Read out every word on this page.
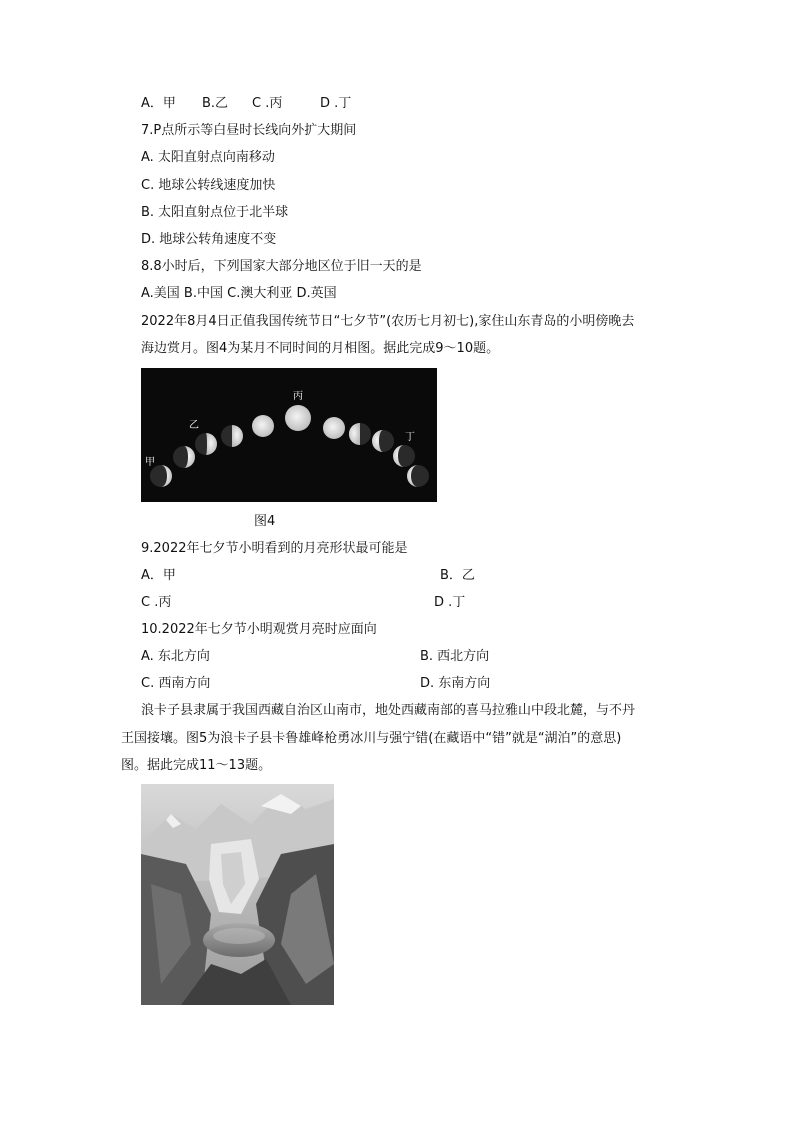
A．甲 B.乙 C .丙	D .丁
7.P点所示等白昼时长线向外扩大期间
A. 太阳直射点向南移动
C. 地球公转线速度加快
B. 太阳直射点位于北半球
D. 地球公转角速度不变
8.8小时后，下列国家大部分地区位于旧一天的是
A.美国 B.中国 C.澳大利亚 D.英国
2022年8月4日正值我国传统节日“七夕节”(农历七月初七),家住山东青岛的小明傍晚去
海边赏月。图4为某月不同时间的月相图。据此完成9～10题。
甲
乙
丙
丁
图4
9.2022年七夕节小明看到的月亮形状最可能是
A．甲	B．乙
C .丙	D .丁
10.2022年七夕节小明观赏月亮时应面向
A. 东北方向	B. 西北方向
C. 西南方向	D. 东南方向
浪卡子县隶属于我国西藏自治区山南市，地处西藏南部的喜马拉雅山中段北麓，与不丹
王国接壤。图5为浪卡子县卡鲁雄峰枪勇冰川与强宁错(在藏语中“错”就是“湖泊”的意思)
图。据此完成11～13题。
